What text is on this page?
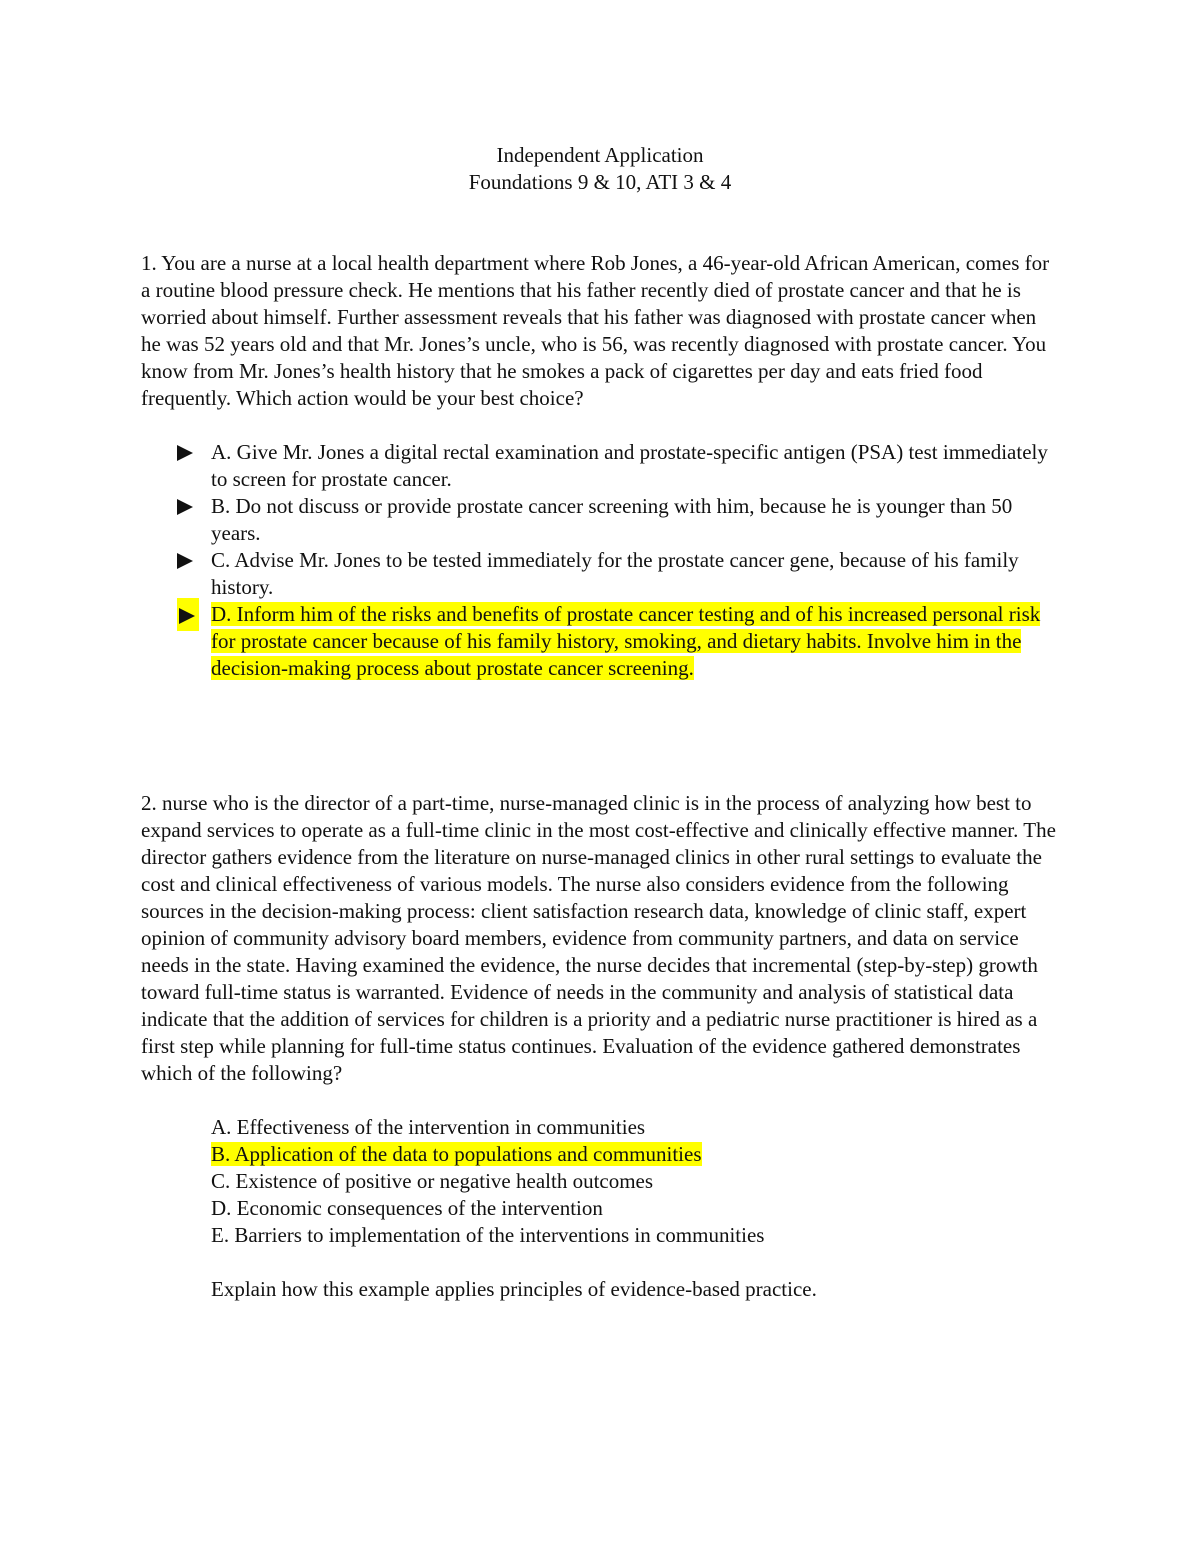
Independent Application
Foundations 9 & 10, ATI 3 & 4

1. You are a nurse at a local health department where Rob Jones, a 46-year-old African American, comes for a routine blood pressure check. He mentions that his father recently died of prostate cancer and that he is worried about himself. Further assessment reveals that his father was diagnosed with prostate cancer when he was 52 years old and that Mr. Jones’s uncle, who is 56, was recently diagnosed with prostate cancer. You know from Mr. Jones’s health history that he smokes a pack of cigarettes per day and eats fried food frequently. Which action would be your best choice?

A. Give Mr. Jones a digital rectal examination and prostate-specific antigen (PSA) test immediately to screen for prostate cancer.
B. Do not discuss or provide prostate cancer screening with him, because he is younger than 50 years.
C. Advise Mr. Jones to be tested immediately for the prostate cancer gene, because of his family history.
D. Inform him of the risks and benefits of prostate cancer testing and of his increased personal risk for prostate cancer because of his family history, smoking, and dietary habits. Involve him in the decision-making process about prostate cancer screening.

2. nurse who is the director of a part-time, nurse-managed clinic is in the process of analyzing how best to expand services to operate as a full-time clinic in the most cost-effective and clinically effective manner. The director gathers evidence from the literature on nurse-managed clinics in other rural settings to evaluate the cost and clinical effectiveness of various models. The nurse also considers evidence from the following sources in the decision-making process: client satisfaction research data, knowledge of clinic staff, expert opinion of community advisory board members, evidence from community partners, and data on service needs in the state. Having examined the evidence, the nurse decides that incremental (step-by-step) growth toward full-time status is warranted. Evidence of needs in the community and analysis of statistical data indicate that the addition of services for children is a priority and a pediatric nurse practitioner is hired as a first step while planning for full-time status continues. Evaluation of the evidence gathered demonstrates which of the following?

A. Effectiveness of the intervention in communities
B. Application of the data to populations and communities
C. Existence of positive or negative health outcomes
D. Economic consequences of the intervention
E. Barriers to implementation of the interventions in communities

Explain how this example applies principles of evidence-based practice.
